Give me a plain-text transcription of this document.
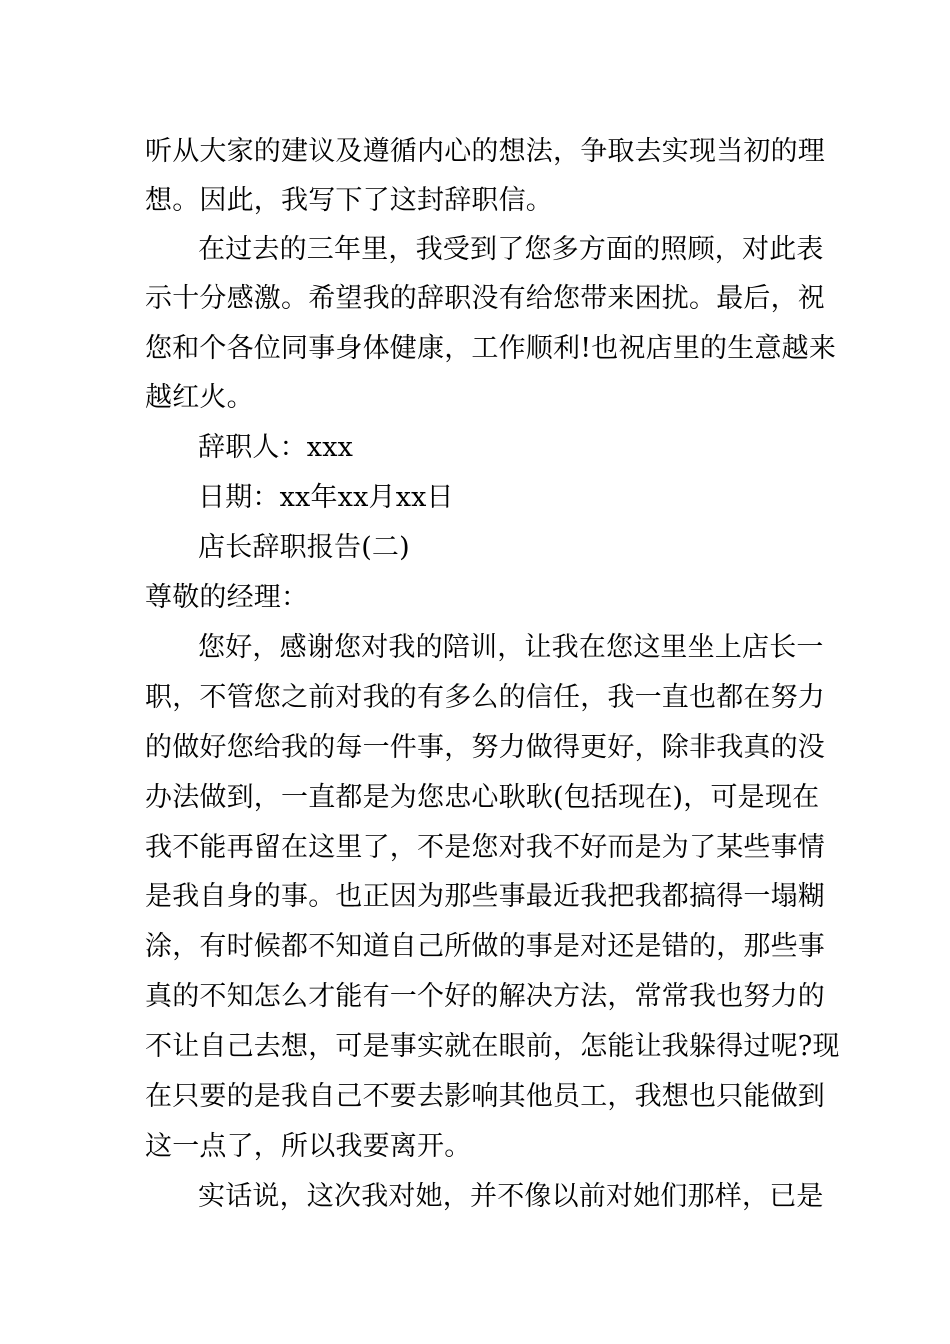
听从大家的建议及遵循内心的想法，争取去实现当初的理
想。因此，我写下了这封辞职信。
在过去的三年里，我受到了您多方面的照顾，对此表
示十分感激。希望我的辞职没有给您带来困扰。最后，祝
您和个各位同事身体健康，工作顺利!也祝店里的生意越来
越红火。
辞职人：xxx
日期：xx年xx月xx日
店长辞职报告(二)
尊敬的经理：
您好，感谢您对我的陪训，让我在您这里坐上店长一
职，不管您之前对我的有多么的信任，我一直也都在努力
的做好您给我的每一件事，努力做得更好，除非我真的没
办法做到，一直都是为您忠心耿耿(包括现在)，可是现在
我不能再留在这里了，不是您对我不好而是为了某些事情
是我自身的事。也正因为那些事最近我把我都搞得一塌糊
涂，有时候都不知道自己所做的事是对还是错的，那些事
真的不知怎么才能有一个好的解决方法，常常我也努力的
不让自己去想，可是事实就在眼前，怎能让我躲得过呢?现
在只要的是我自己不要去影响其他员工，我想也只能做到
这一点了，所以我要离开。
实话说，这次我对她，并不像以前对她们那样，已是
